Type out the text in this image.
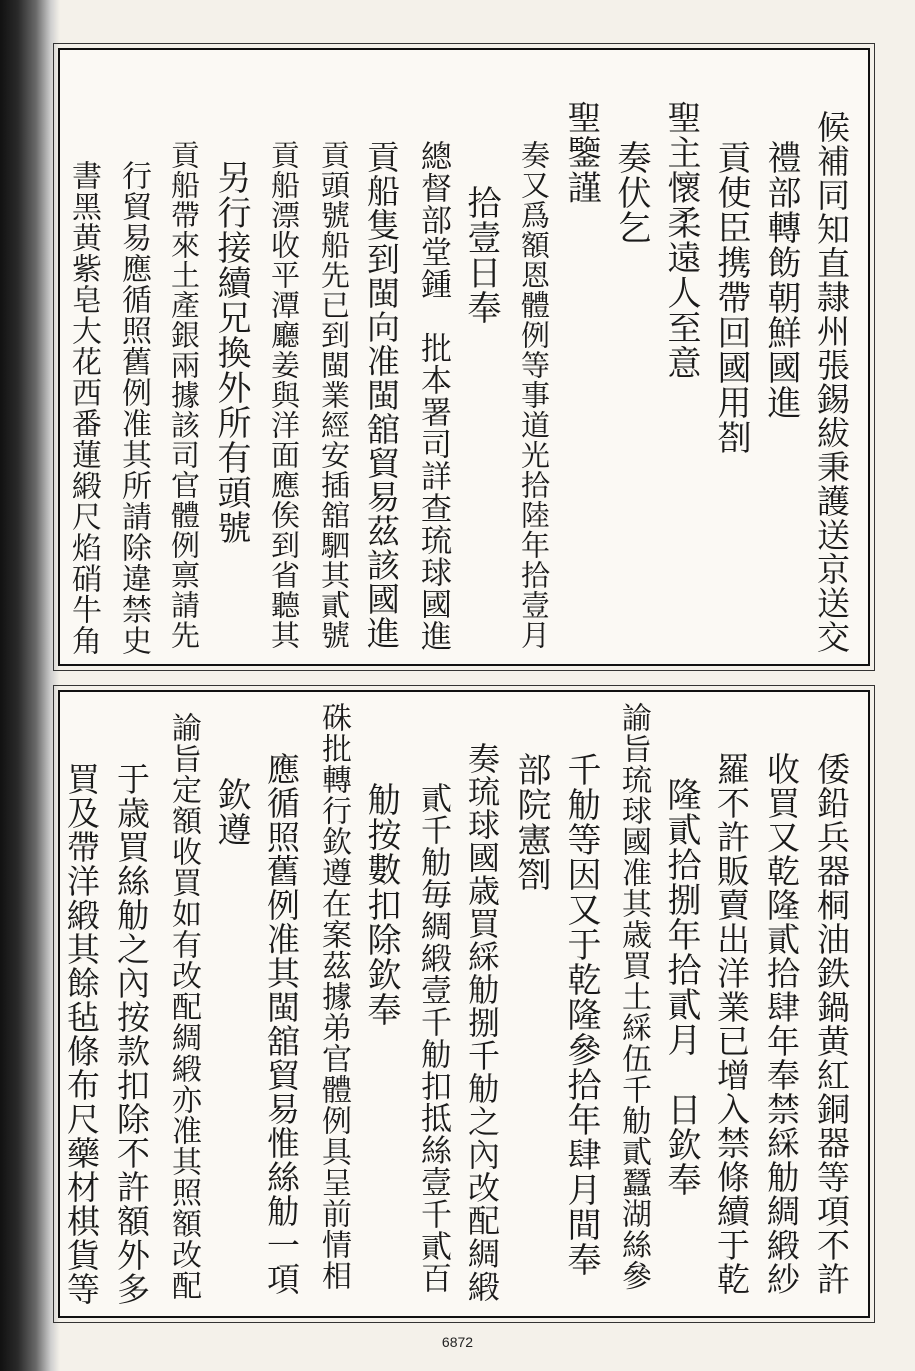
候補同知直隷州張錫紱秉護送京送交
禮部轉飭朝鮮國進
貢使臣携帶回國用剳
聖主懷柔遠人至意
奏伏乞
聖鑒謹
奏又爲額恩體例等事道光拾陸年拾壹月
拾壹日奉
總督部堂鍾　批本署司詳查琉球國進
貢船隻到閩向准閩舘貿易茲該國進
貢頭號船先已到閩業經安插舘駟其貳號
貢船漂收平潭廳姜與洋面應俟到省聽其
另行接續兄換外所有頭號
貢船帶來土產銀兩據該司官體例禀請先
行貿易應循照舊例准其所請除違禁史
書黑黄紫皂大花西番蓮緞尺焰硝牛角
倭鉛兵器桐油鉄鍋黄紅銅器等項不許
收買又乾隆貳拾肆年奉禁綵觔綢緞紗
羅不許販賣出洋業已增入禁條續于乾
隆貳拾捌年拾貳月　日欽奉
諭旨琉球國准其歳買土綵伍千觔貳蠶湖絲參
千觔等因又于乾隆參拾年肆月間奉
部院憲劄
奏琉球國歳買綵觔捌千觔之內改配綢緞
貳千觔毎綢緞壹千觔扣抵絲壹千貳百
觔按數扣除欽奉
硃批轉行欽遵在案茲據弟官體例具呈前情相
應循照舊例准其閩舘貿易惟絲觔一項
欽遵
諭旨定額收買如有改配綢緞亦准其照額改配
于歳買絲觔之內按款扣除不許額外多
買及帶洋緞其餘毡條布尺藥材棋貨等
6872
